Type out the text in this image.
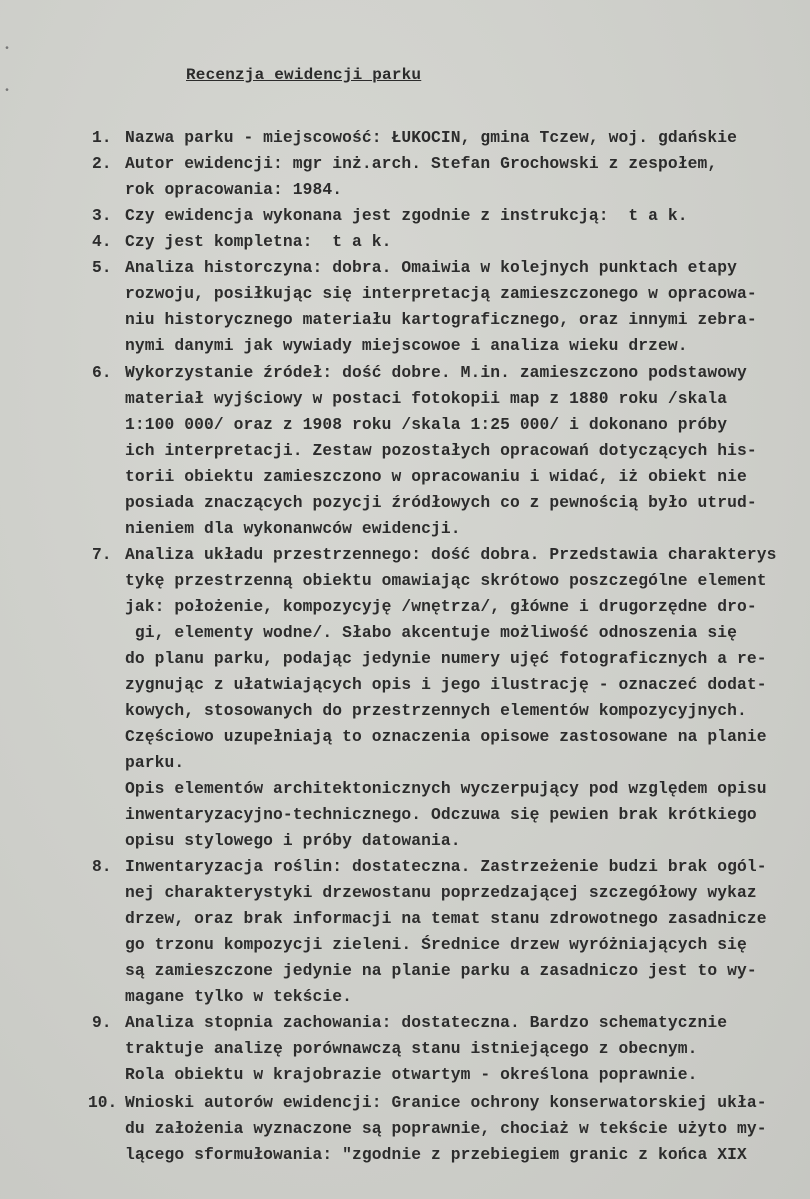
•
•
Recenzja ewidencji parku
1. Nazwa parku - miejscowość: ŁUKOCIN, gmina Tczew, woj. gdańskie
2. Autor ewidencji: mgr inż.arch. Stefan Grochowski z zespołem,
rok opracowania: 1984.
3. Czy ewidencja wykonana jest zgodnie z instrukcją:  t a k.
4. Czy jest kompletna:  t a k.
5. Analiza historczyna: dobra. Omaiwia w kolejnych punktach etapy
rozwoju, posiłkując się interpretacją zamieszczonego w opracowa-
niu historycznego materiału kartograficznego, oraz innymi zebra-
nymi danymi jak wywiady miejscowoe i analiza wieku drzew.
6. Wykorzystanie źródeł: dość dobre. M.in. zamieszczono podstawowy
materiał wyjściowy w postaci fotokopii map z 1880 roku /skala
1:100 000/ oraz z 1908 roku /skala 1:25 000/ i dokonano próby
ich interpretacji. Zestaw pozostałych opracowań dotyczących his-
torii obiektu zamieszczono w opracowaniu i widać, iż obiekt nie
posiada znaczących pozycji źródłowych co z pewnością było utrud-
nieniem dla wykonanwców ewidencji.
7. Analiza układu przestrzennego: dość dobra. Przedstawia charakterys
tykę przestrzenną obiektu omawiając skrótowo poszczególne element
jak: położenie, kompozycyję /wnętrza/, główne i drugorzędne dro-
gi, elementy wodne/. Słabo akcentuje możliwość odnoszenia się
do planu parku, podając jedynie numery ujęć fotograficznych a re-
zygnując z ułatwiających opis i jego ilustrację - oznaczeć dodat-
kowych, stosowanych do przestrzennych elementów kompozycyjnych.
Częściowo uzupełniają to oznaczenia opisowe zastosowane na planie
parku.
Opis elementów architektonicznych wyczerpujący pod względem opisu
inwentaryzacyjno-technicznego. Odczuwa się pewien brak krótkiego
opisu stylowego i próby datowania.
8. Inwentaryzacja roślin: dostateczna. Zastrzeżenie budzi brak ogól-
nej charakterystyki drzewostanu poprzedzającej szczegółowy wykaz
drzew, oraz brak informacji na temat stanu zdrowotnego zasadnicze
go trzonu kompozycji zieleni. Średnice drzew wyróżniających się
są zamieszczone jedynie na planie parku a zasadniczo jest to wy-
magane tylko w tekście.
9. Analiza stopnia zachowania: dostateczna. Bardzo schematycznie
traktuje analizę porównawczą stanu istniejącego z obecnym.
Rola obiektu w krajobrazie otwartym - określona poprawnie.
10. Wnioski autorów ewidencji: Granice ochrony konserwatorskiej ukła-
du założenia wyznaczone są poprawnie, chociaż w tekście użyto my-
lącego sformułowania: "zgodnie z przebiegiem granic z końca XIX
